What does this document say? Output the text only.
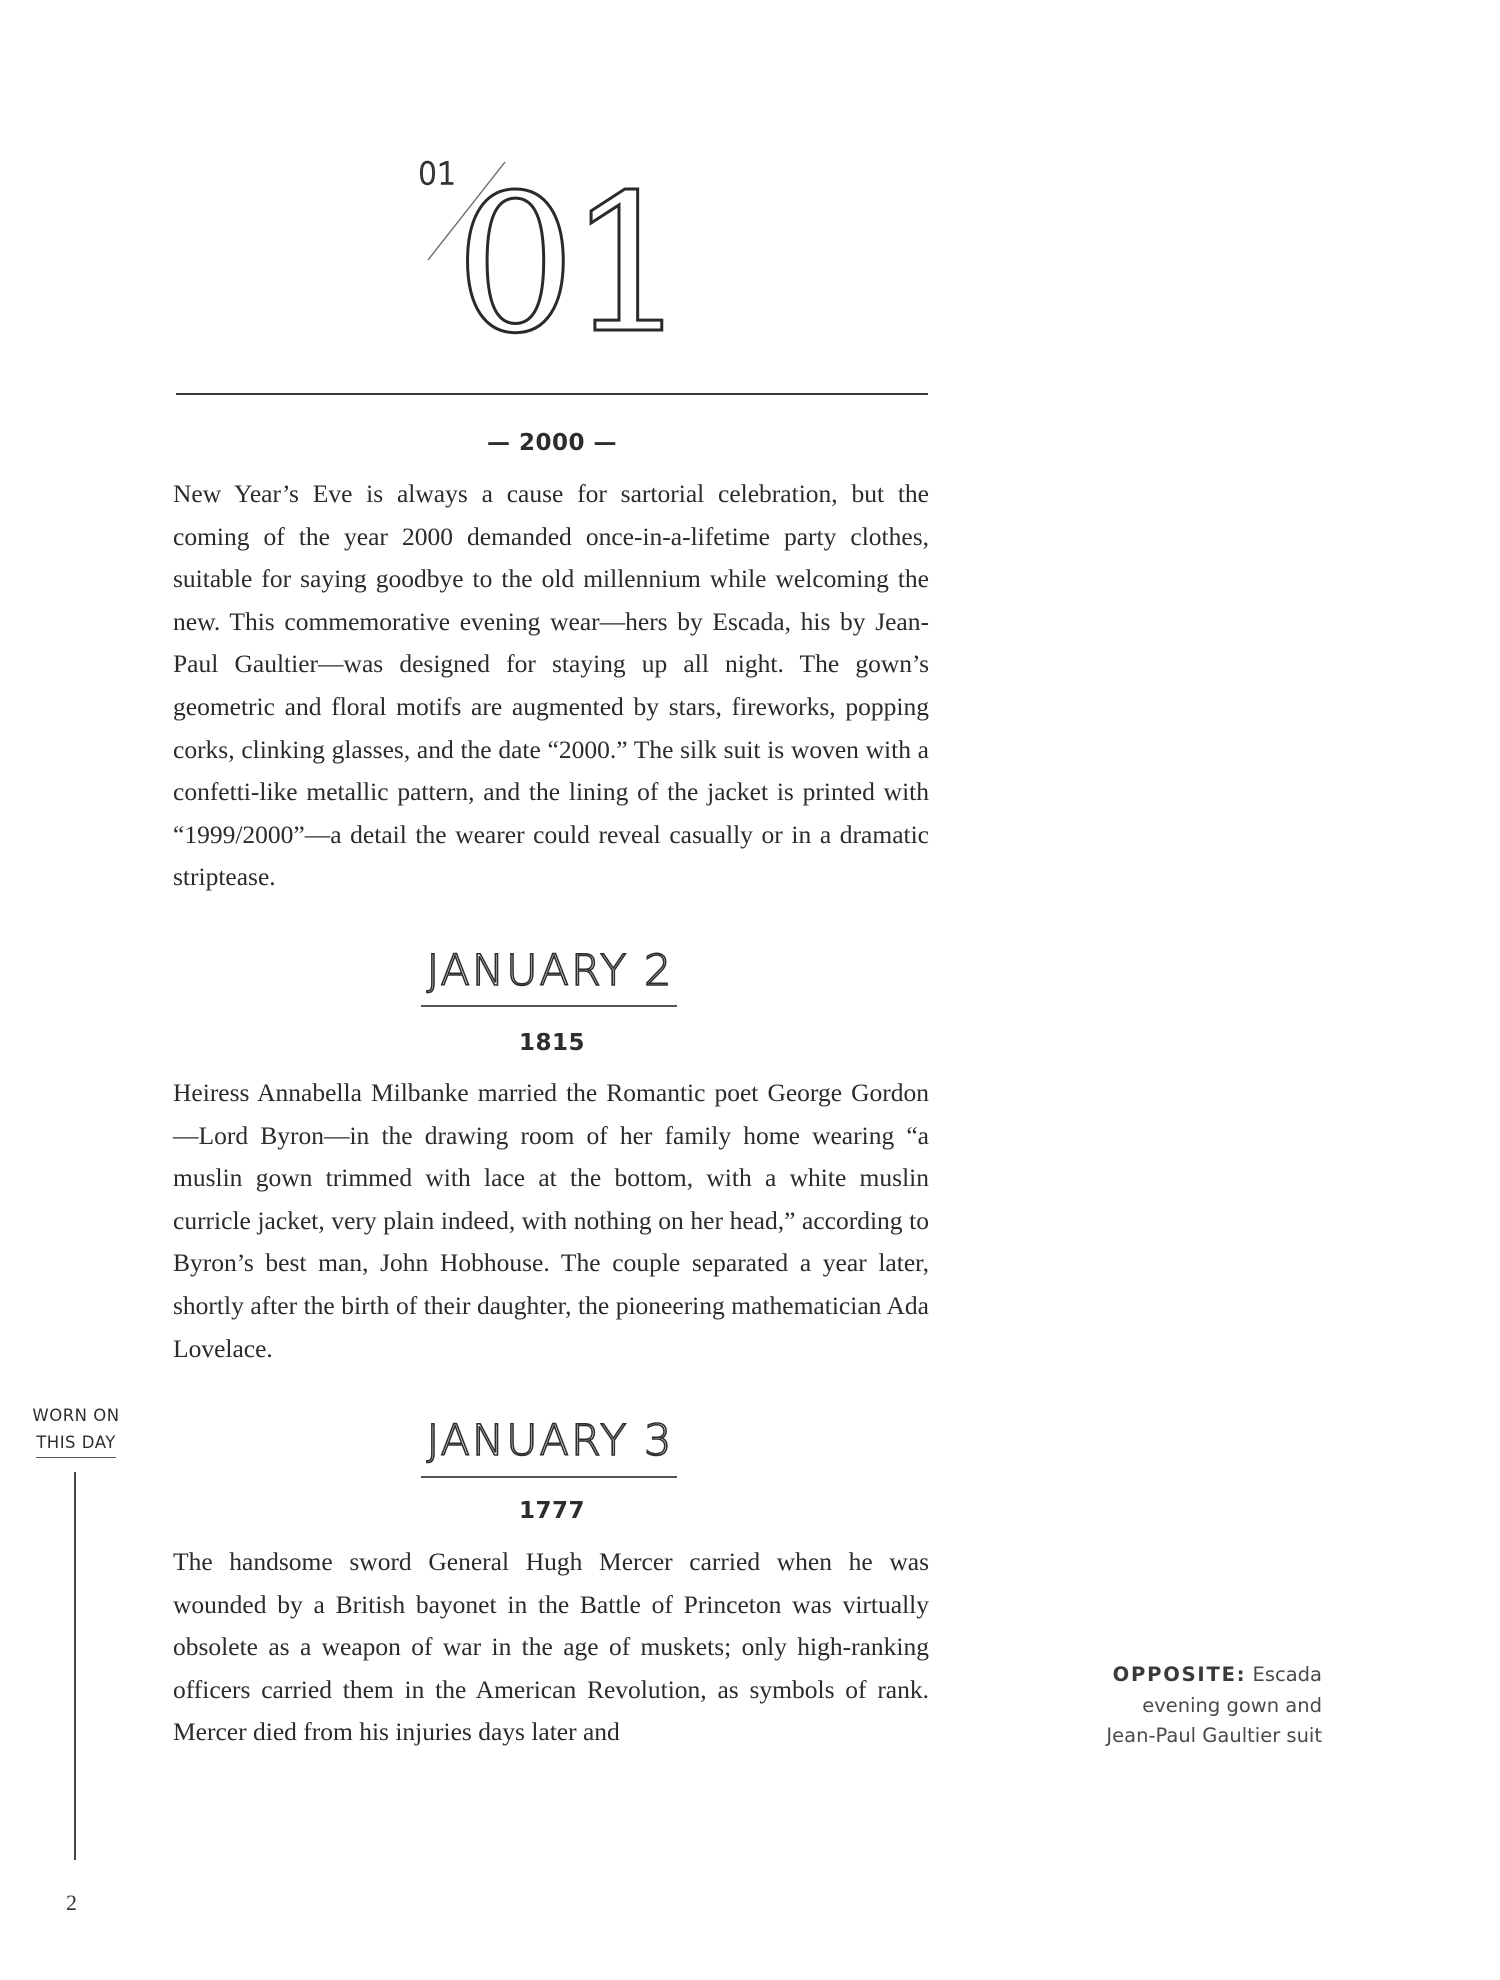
01
01
— 2000 —
New Year’s Eve is always a cause for sartorial celebration, but the coming of the year 2000 demanded once-in-a-lifetime party clothes, suitable for saying goodbye to the old millennium while welcoming the new. This commemorative evening wear—hers by Escada, his by Jean-Paul Gaultier—was designed for staying up all night. The gown’s geometric and floral motifs are augmented by stars, fireworks, popping corks, clinking glasses, and the date “2000.” The silk suit is woven with a confetti-like metallic pattern, and the lining of the jacket is printed with “1999/2000”—a detail the wearer could reveal casually or in a dramatic striptease.
JANUARY 2
1815
Heiress Annabella Milbanke married the Romantic poet George Gordon—Lord Byron—in the drawing room of her family home wearing “a muslin gown trimmed with lace at the bottom, with a white muslin curricle jacket, very plain indeed, with nothing on her head,” according to Byron’s best man, John Hobhouse. The couple separated a year later, shortly after the birth of their daughter, the pioneering mathematician Ada Lovelace.
JANUARY 3
1777
The handsome sword General Hugh Mercer carried when he was wounded by a British bayonet in the Battle of Princeton was virtually obsolete as a weapon of war in the age of muskets; only high-ranking officers carried them in the American Revolution, as symbols of rank. Mercer died from his injuries days later and
WORN ON
THIS DAY
2
OPPOSITE: Escada
evening gown and
Jean-Paul Gaultier suit
